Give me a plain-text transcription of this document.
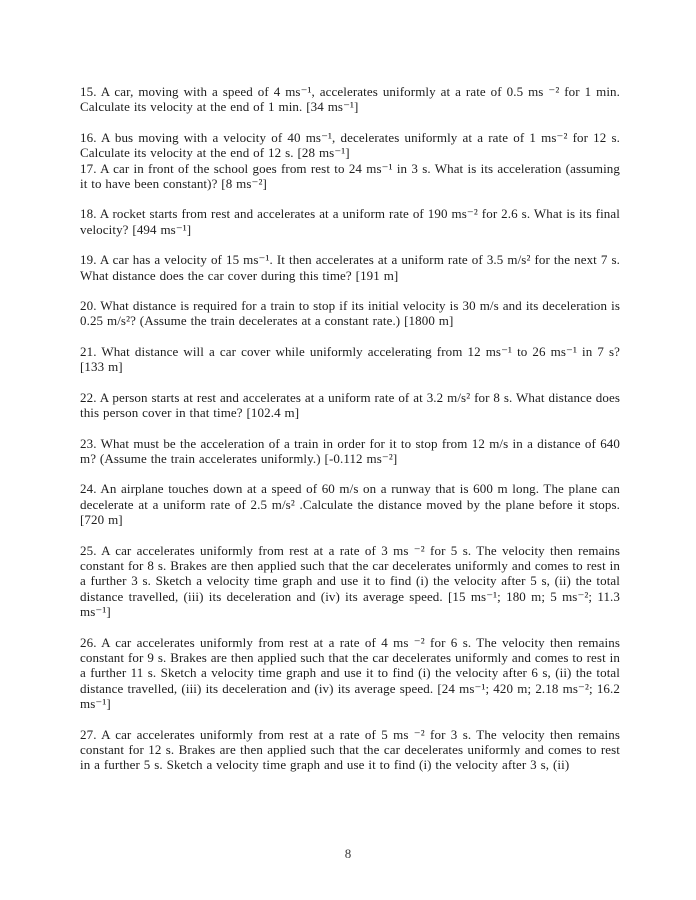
15. A car, moving with a speed of 4 ms⁻¹, accelerates uniformly at a rate of 0.5 ms ⁻² for 1 min. Calculate its velocity at the end of 1 min. [34 ms⁻¹]

16. A bus moving with a velocity of 40 ms⁻¹, decelerates uniformly at a rate of 1 ms⁻² for 12 s. Calculate its velocity at the end of 12 s. [28 ms⁻¹]

17. A car in front of the school goes from rest to 24 ms⁻¹ in 3 s. What is its acceleration (assuming it to have been constant)? [8 ms⁻²]

18. A rocket starts from rest and accelerates at a uniform rate of 190 ms⁻² for 2.6 s. What is its final velocity? [494 ms⁻¹]

19. A car has a velocity of 15 ms⁻¹. It then accelerates at a uniform rate of 3.5 m/s² for the next 7 s. What distance does the car cover during this time? [191 m]

20. What distance is required for a train to stop if its initial velocity is 30 m/s and its deceleration is 0.25 m/s²? (Assume the train decelerates at a constant rate.) [1800 m]

21. What distance will a car cover while uniformly accelerating from 12 ms⁻¹ to 26 ms⁻¹ in 7 s? [133 m]

22. A person starts at rest and accelerates at a uniform rate of at 3.2 m/s² for 8 s. What distance does this person cover in that time? [102.4 m]

23. What must be the acceleration of a train in order for it to stop from 12 m/s in a distance of 640 m? (Assume the train accelerates uniformly.) [-0.112 ms⁻²]

24. An airplane touches down at a speed of 60 m/s on a runway that is 600 m long. The plane can decelerate at a uniform rate of 2.5 m/s² .Calculate the distance moved by the plane before it stops. [720 m]

25. A car accelerates uniformly from rest at a rate of 3 ms ⁻² for 5 s. The velocity then remains constant for 8 s. Brakes are then applied such that the car decelerates uniformly and comes to rest in a further 3 s. Sketch a velocity time graph and use it to find (i) the velocity after 5 s, (ii) the total distance travelled, (iii) its deceleration and (iv) its average speed. [15 ms⁻¹; 180 m; 5 ms⁻²; 11.3 ms⁻¹]

26. A car accelerates uniformly from rest at a rate of 4 ms ⁻² for 6 s. The velocity then remains constant for 9 s. Brakes are then applied such that the car decelerates uniformly and comes to rest in a further 11 s. Sketch a velocity time graph and use it to find (i) the velocity after 6 s, (ii) the total distance travelled, (iii) its deceleration and (iv) its average speed. [24 ms⁻¹; 420 m; 2.18 ms⁻²; 16.2 ms⁻¹]

27. A car accelerates uniformly from rest at a rate of 5 ms ⁻² for 3 s. The velocity then remains constant for 12 s. Brakes are then applied such that the car decelerates uniformly and comes to rest in a further 5 s. Sketch a velocity time graph and use it to find (i) the velocity after 3 s, (ii)

8
